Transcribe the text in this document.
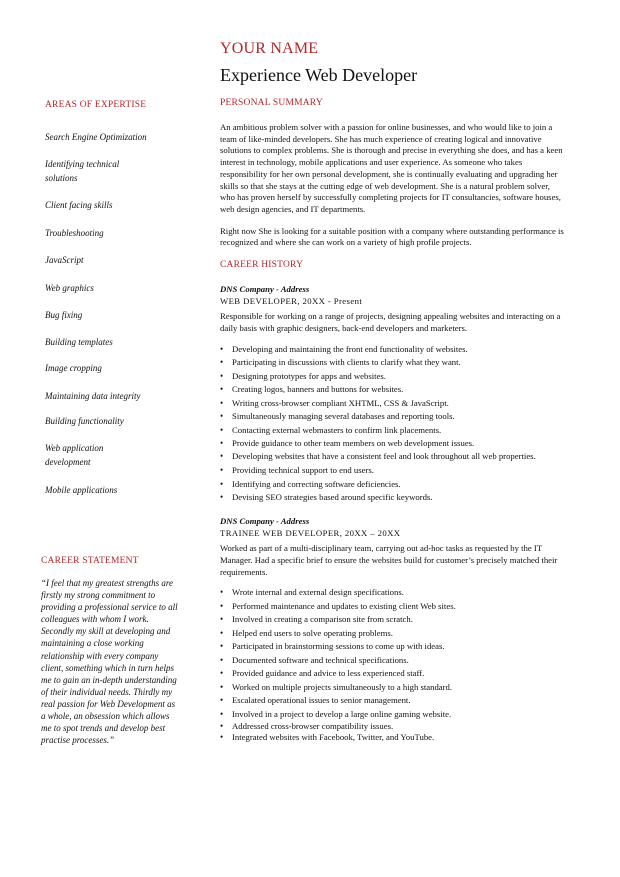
YOUR NAME
Experience Web Developer
AREAS OF EXPERTISE
Search Engine Optimization
Identifying technical solutions
Client facing skills
Troubleshooting
JavaScript
Web graphics
Bug fixing
Building templates
Image cropping
Maintaining data integrity
Building functionality
Web application development
Mobile applications
CAREER STATEMENT
“I feel that my greatest strengths are firstly my strong commitment to providing a professional service to all colleagues with whom I work. Secondly my skill at developing and maintaining a close working relationship with every company client, something which in turn helps me to gain an in-depth understanding of their individual needs. Thirdly my real passion for Web Development as a whole, an obsession which allows me to spot trends and develop best practise processes.”
PERSONAL SUMMARY

An ambitious problem solver with a passion for online businesses, and who would like to join a team of like-minded developers. She has much experience of creating logical and innovative solutions to complex problems. She is thorough and precise in everything she does, and has a keen interest in technology, mobile applications and user experience. As someone who takes responsibility for her own personal development, she is continually evaluating and upgrading her skills so that she stays at the cutting edge of web development. She is a natural problem solver, who has proven herself by successfully completing projects for IT consultancies, software houses, web design agencies, and IT departments.

Right now She is looking for a suitable position with a company where outstanding performance is recognized and where she can work on a variety of high profile projects.

CAREER HISTORY
DNS Company - Address
WEB DEVELOPER, 20XX - Present

Responsible for working on a range of projects, designing appealing websites and interacting on a daily basis with graphic designers, back-end developers and marketers.

• Developing and maintaining the front end functionality of websites.
• Participating in discussions with clients to clarify what they want.
• Designing prototypes for apps and websites.
• Creating logos, banners and buttons for websites.
• Writing cross-browser compliant XHTML, CSS & JavaScript.
• Simultaneously managing several databases and reporting tools.
• Contacting external webmasters to confirm link placements.
• Provide guidance to other team members on web development issues.
• Developing websites that have a consistent feel and look throughout all web properties.
• Providing technical support to end users.
• Identifying and correcting software deficiencies.
• Devising SEO strategies based around specific keywords.
DNS Company - Address
TRAINEE WEB DEVELOPER, 20XX – 20XX

Worked as part of a multi-disciplinary team, carrying out ad-hoc tasks as requested by the IT Manager. Had a specific brief to ensure the websites build for customer’s precisely matched their requirements.

• Wrote internal and external design specifications.
• Performed maintenance and updates to existing client Web sites.
• Involved in creating a comparison site from scratch.
• Helped end users to solve operating problems.
• Participated in brainstorming sessions to come up with ideas.
• Documented software and technical specifications.
• Provided guidance and advice to less experienced staff.
• Worked on multiple projects simultaneously to a high standard.
• Escalated operational issues to senior management.
• Involved in a project to develop a large online gaming website.
• Addressed cross-browser compatibility issues.
• Integrated websites with Facebook, Twitter, and YouTube.
